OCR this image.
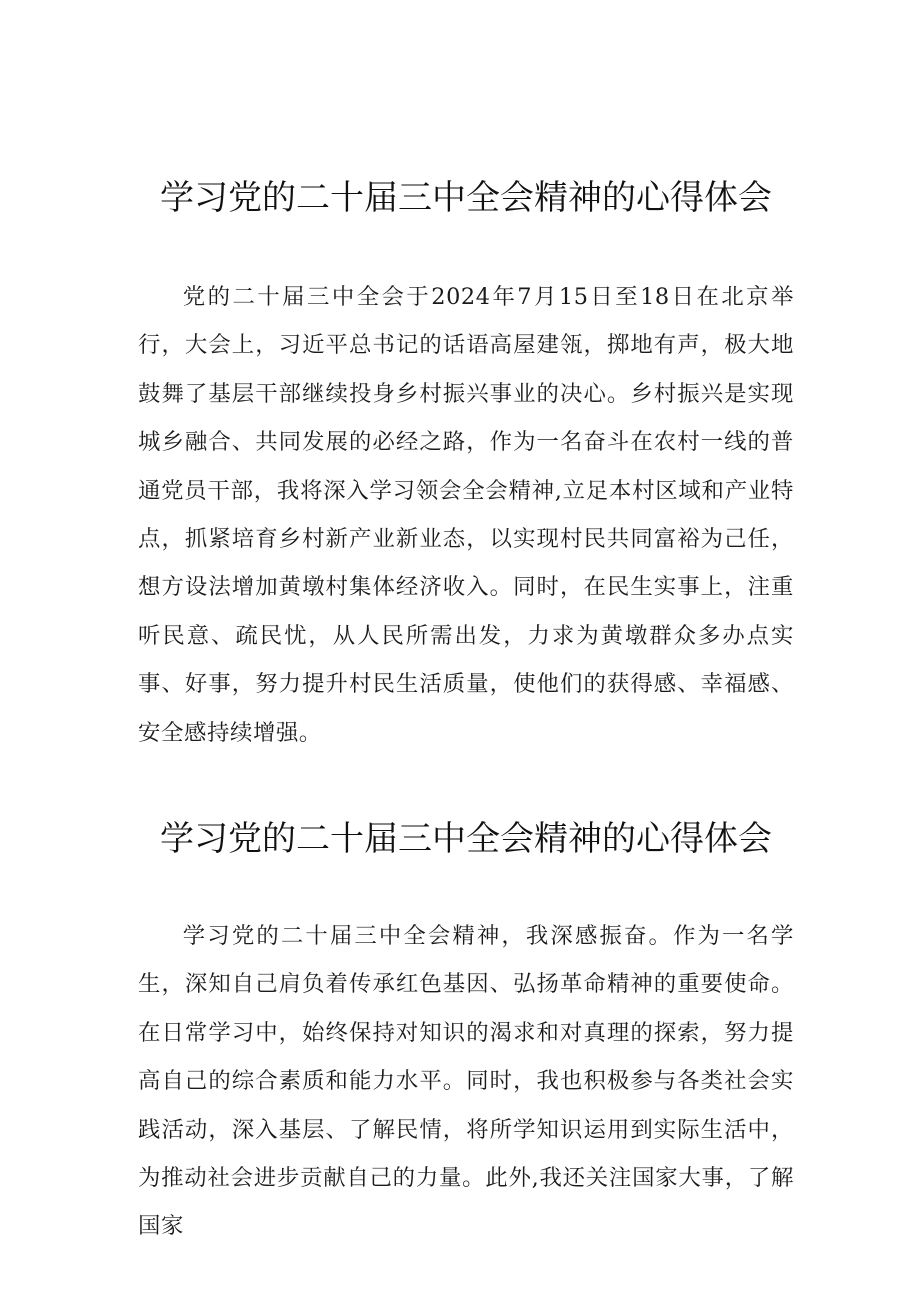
学习党的二十届三中全会精神的心得体会

党的二十届三中全会于2024年7月15日至18日在北京举行，大会上，习近平总书记的话语高屋建瓴，掷地有声，极大地鼓舞了基层干部继续投身乡村振兴事业的决心。乡村振兴是实现城乡融合、共同发展的必经之路，作为一名奋斗在农村一线的普通党员干部，我将深入学习领会全会精神,立足本村区域和产业特点，抓紧培育乡村新产业新业态，以实现村民共同富裕为己任，想方设法增加黄墩村集体经济收入。同时，在民生实事上，注重听民意、疏民忧，从人民所需出发，力求为黄墩群众多办点实事、好事，努力提升村民生活质量，使他们的获得感、幸福感、安全感持续增强。

学习党的二十届三中全会精神的心得体会

学习党的二十届三中全会精神，我深感振奋。作为一名学生，深知自己肩负着传承红色基因、弘扬革命精神的重要使命。在日常学习中，始终保持对知识的渴求和对真理的探索，努力提高自己的综合素质和能力水平。同时，我也积极参与各类社会实践活动，深入基层、了解民情，将所学知识运用到实际生活中，为推动社会进步贡献自己的力量。此外,我还关注国家大事，了解国家
